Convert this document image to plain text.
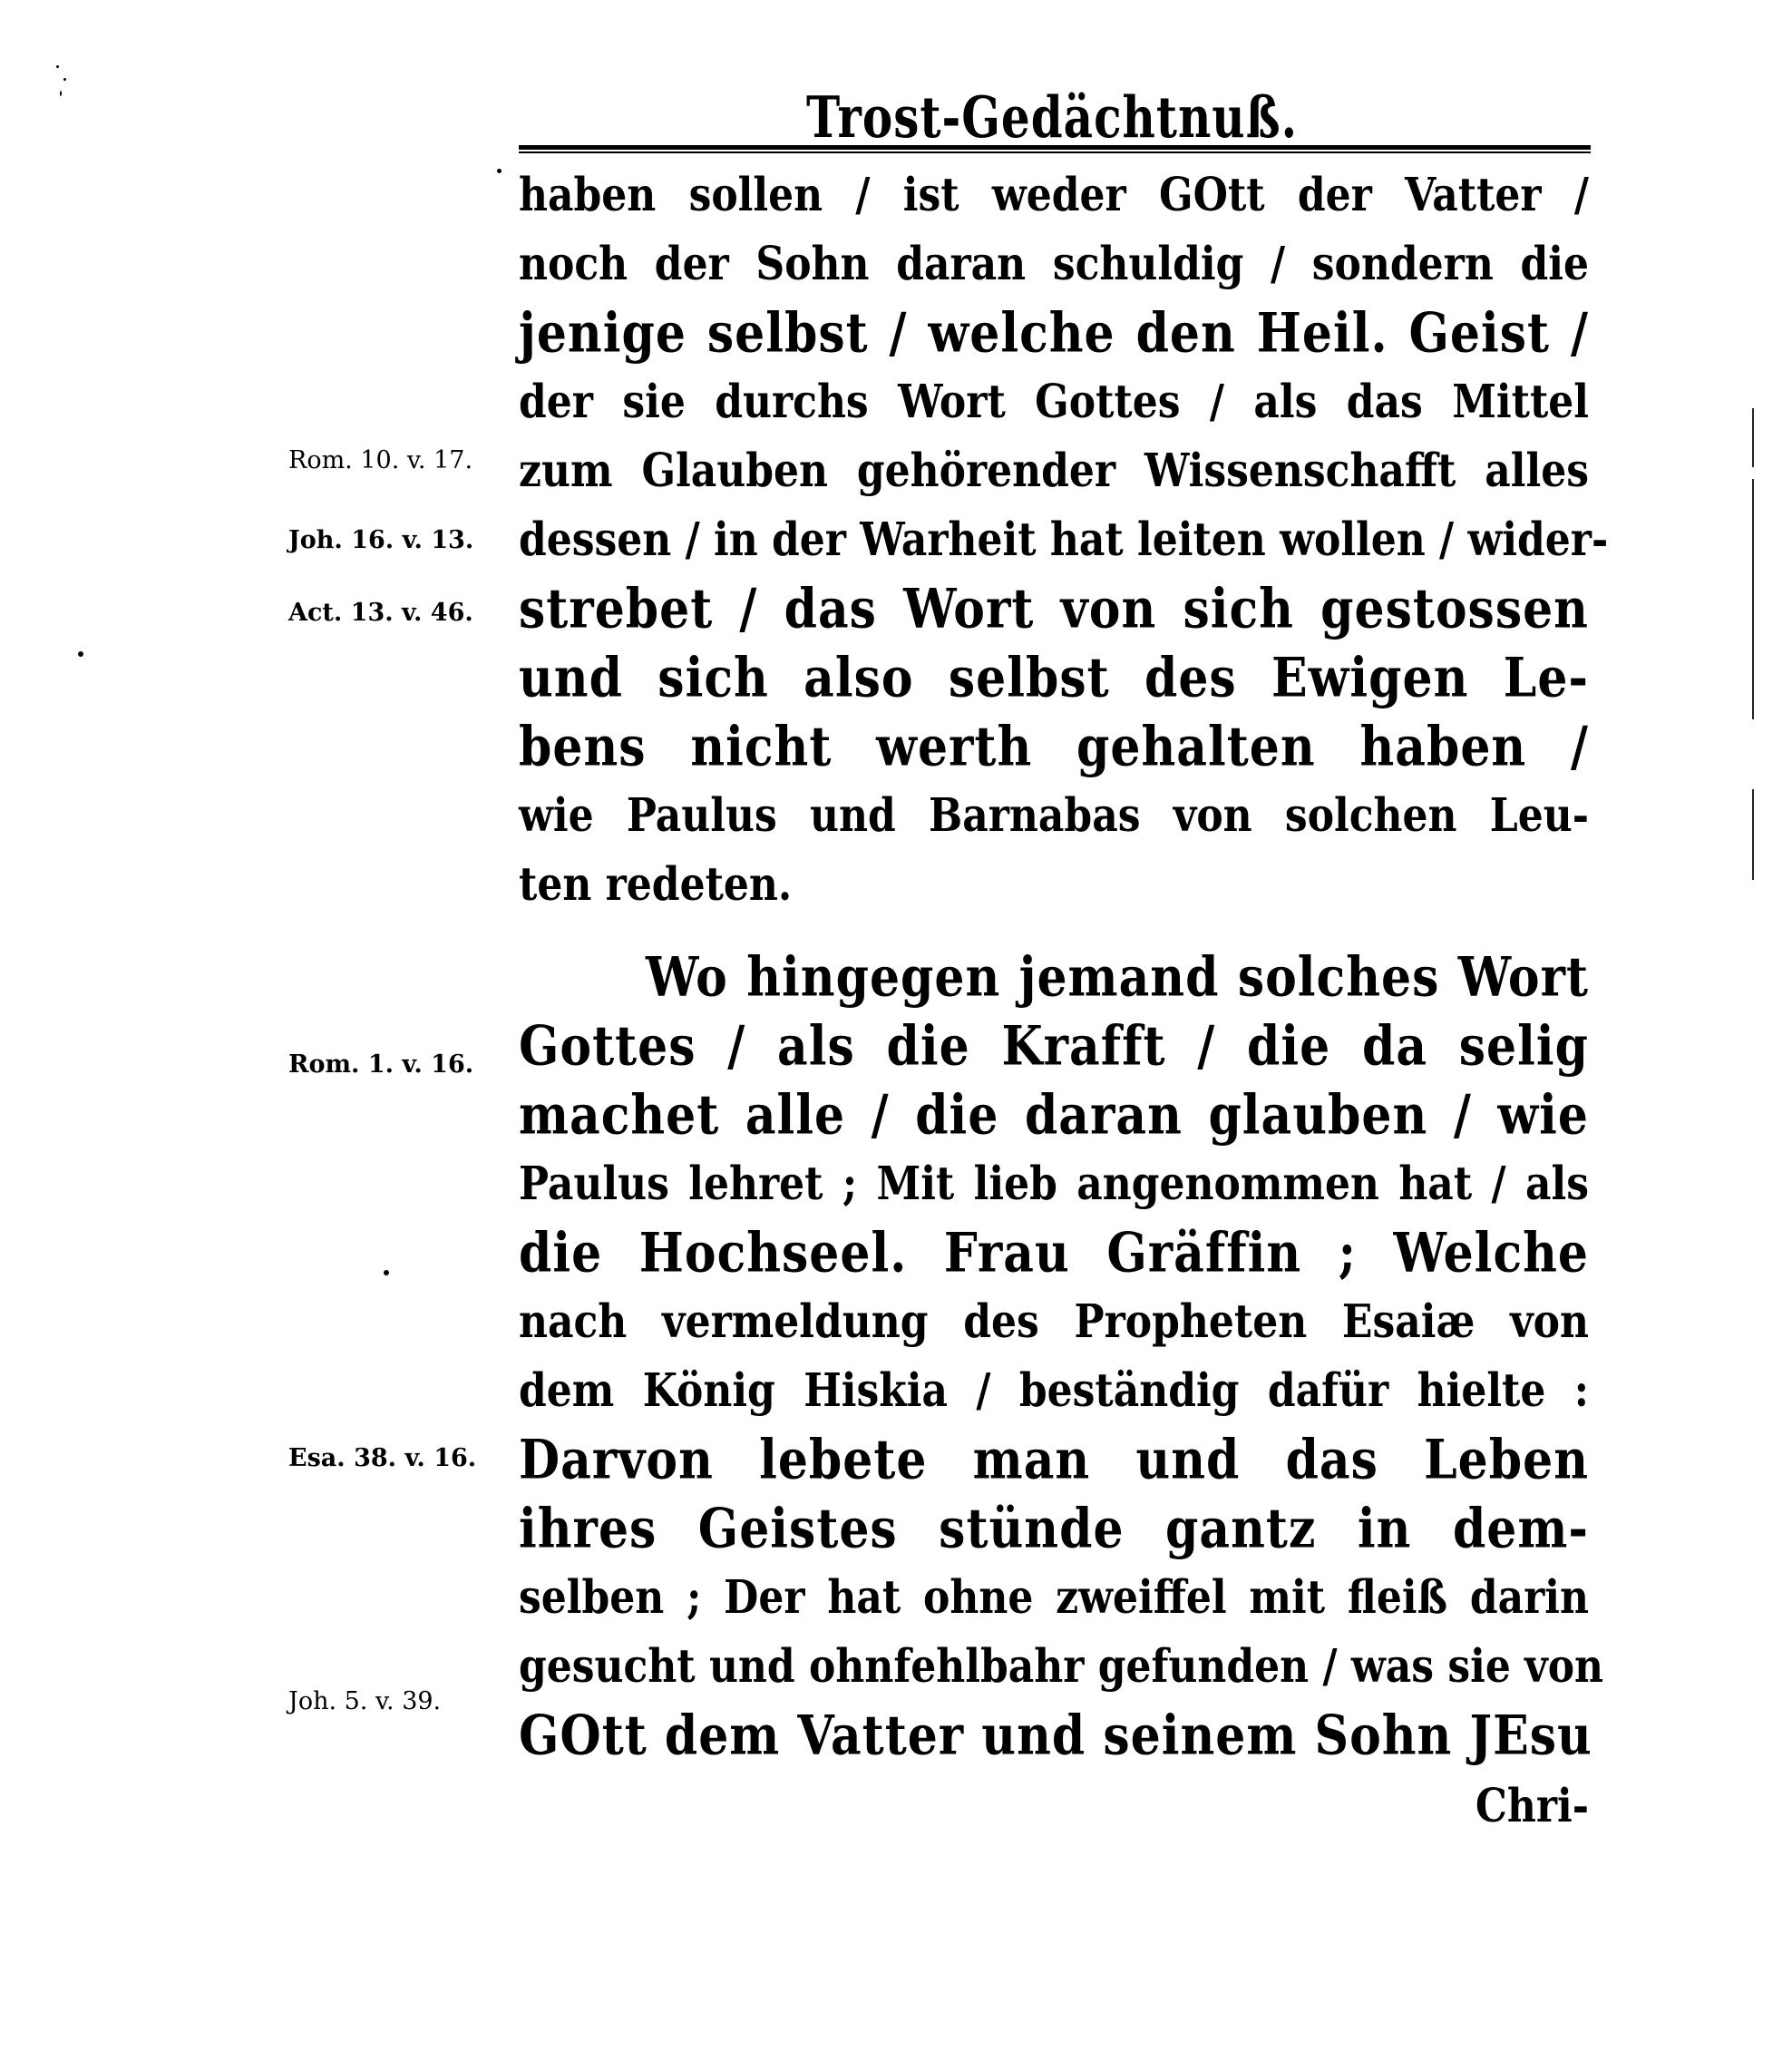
Trost-Gedächtnuß.
haben sollen / ist weder GOtt der Vatter /
noch der Sohn daran schuldig / sondern die
jenige selbst / welche den Heil. Geist /
der sie durchs Wort Gottes / als das Mittel
zum Glauben gehörender Wissenschafft alles
dessen / in der Warheit hat leiten wollen / wider-
strebet / das Wort von sich gestossen
und sich also selbst des Ewigen Le-
bens nicht werth gehalten haben /
wie Paulus und Barnabas von solchen Leu-
ten redeten.
Wo hingegen jemand solches Wort
Gottes / als die Krafft / die da selig
machet alle / die daran glauben / wie
Paulus lehret ; Mit lieb angenommen hat / als
die Hochseel. Frau Gräffin ; Welche
nach vermeldung des Propheten Esaiæ von
dem König Hiskia / beständig dafür hielte :
Darvon lebete man und das Leben
ihres Geistes stünde gantz in dem-
selben ; Der hat ohne zweiffel mit fleiß darin
gesucht und ohnfehlbahr gefunden / was sie von
GOtt dem Vatter und seinem Sohn JEsu
Chri-
Rom. 10. v. 17.
Joh. 16. v. 13.
Act. 13. v. 46.
Rom. 1. v. 16.
Esa. 38. v. 16.
Joh. 5. v. 39.
